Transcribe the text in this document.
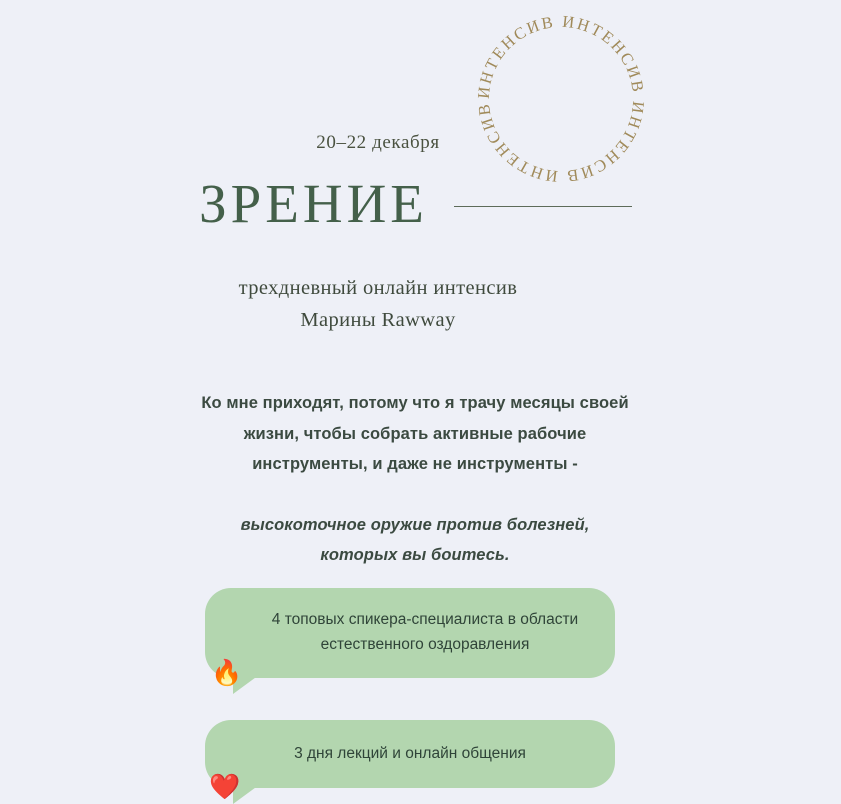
ИНТЕНСИВ ИНТЕНСИВ ИНТЕНСИВ ИНТЕНСИВ
20–22 декабря
ЗРЕНИЕ
трехдневный онлайн интенсив
Марины Rawway

Ко мне приходят, потому что я трачу месяцы своей жизни, чтобы собрать активные рабочие инструменты, и даже не инструменты -

высокоточное оружие против болезней,
которых вы боитесь.

4 топовых спикера-специалиста в области естественного оздоравления
🔥
3 дня лекций и онлайн общения
❤️
